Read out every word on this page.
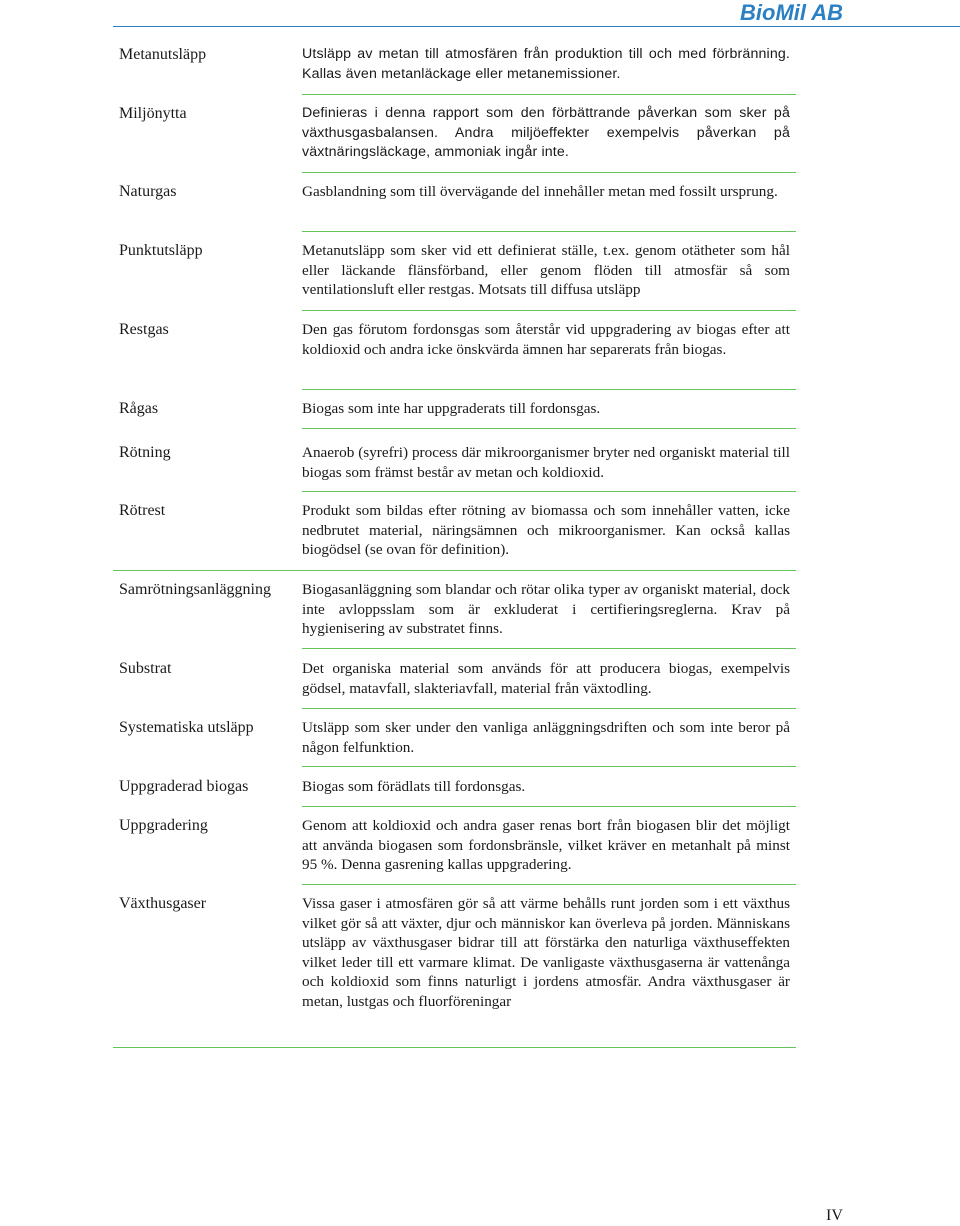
BioMil AB
Metanutsläpp	Utsläpp av metan till atmosfären från produktion till och med förbränning. Kallas även metanläckage eller metanemissioner.
Miljönytta	Definieras i denna rapport som den förbättrande påverkan som sker på växthusgasbalansen. Andra miljöeffekter exempelvis påverkan på växtnäringsläckage, ammoniak ingår inte.
Naturgas	Gasblandning som till övervägande del innehåller metan med fossilt ursprung.
Punktutsläpp	Metanutsläpp som sker vid ett definierat ställe, t.ex. genom otätheter som hål eller läckande flänsförband, eller genom flöden till atmosfär så som ventilationsluft eller restgas. Motsats till diffusa utsläpp
Restgas	Den gas förutom fordonsgas som återstår vid uppgradering av biogas efter att koldioxid och andra icke önskvärda ämnen har separerats från biogas.
Rågas	Biogas som inte har uppgraderats till fordonsgas.
Rötning	Anaerob (syrefri) process där mikroorganismer bryter ned organiskt material till biogas som främst består av metan och koldioxid.
Rötrest	Produkt som bildas efter rötning av biomassa och som innehåller vatten, icke nedbrutet material, näringsämnen och mikroorganismer. Kan också kallas biogödsel (se ovan för definition).
Samrötningsanläggning	Biogasanläggning som blandar och rötar olika typer av organiskt material, dock inte avloppsslam som är exkluderat i certifieringsreglerna. Krav på hygienisering av substratet finns.
Substrat	Det organiska material som används för att producera biogas, exempelvis gödsel, matavfall, slakteriavfall, material från växtodling.
Systematiska utsläpp	Utsläpp som sker under den vanliga anläggningsdriften och som inte beror på någon felfunktion.
Uppgraderad biogas	Biogas som förädlats till fordonsgas.
Uppgradering	Genom att koldioxid och andra gaser renas bort från biogasen blir det möjligt att använda biogasen som fordonsbränsle, vilket kräver en metanhalt på minst 95 %. Denna gasrening kallas uppgradering.
Växthusgaser	Vissa gaser i atmosfären gör så att värme behålls runt jorden som i ett växthus vilket gör så att växter, djur och människor kan överleva på jorden. Människans utsläpp av växthusgaser bidrar till att förstärka den naturliga växthuseffekten vilket leder till ett varmare klimat. De vanligaste växthusgaserna är vattenånga och koldioxid som finns naturligt i jordens atmosfär. Andra växthusgaser är metan, lustgas och fluorföreningar
IV
